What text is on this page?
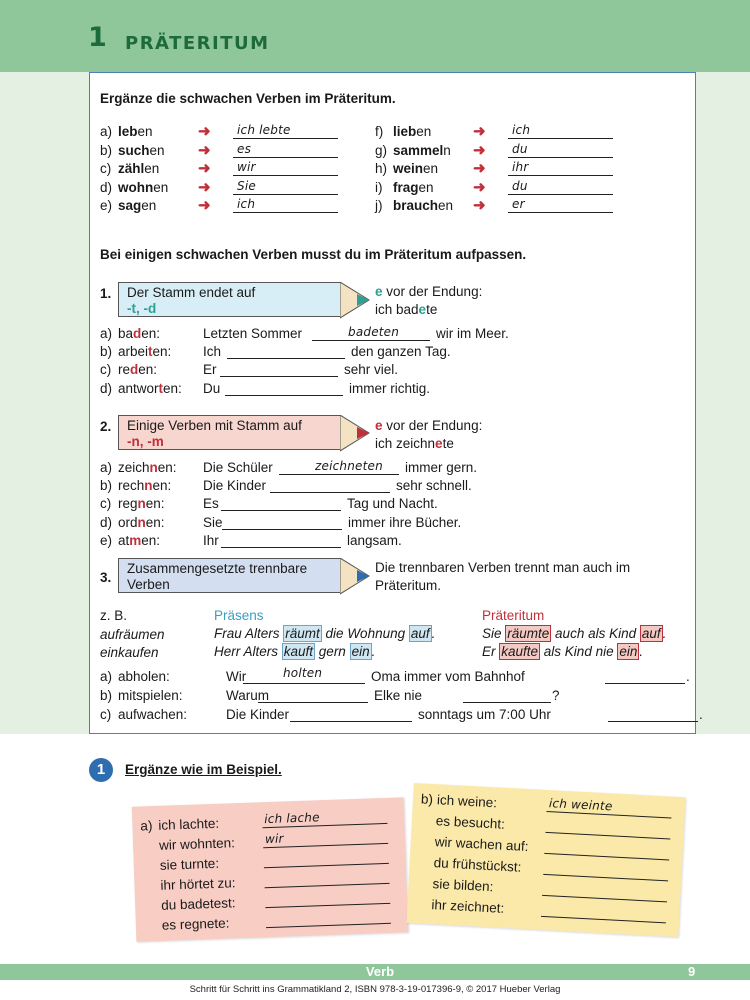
1 PRÄTERITUM
Ergänze die schwachen Verben im Präteritum.
a) leben	➜ ich lebte
b) suchen ➜ es
c) zählen	➜ wir
d) wohnen ➜ Sie
e) sagen	➜ ich
f) lieben	➜ ich
g) sammeln ➜ du
h) weinen ➜ ihr
i) fragen	➜ du
j) brauchen ➜ er
Bei einigen schwachen Verben musst du im Präteritum aufpassen.
1. Der Stamm endet auf
-t, -d
e vor der Endung:
ich badete
a) baden:	Letzten Sommer	badeten	wir im Meer.
b) arbeiten: Ich	den ganzen Tag.
c) reden:	Er	sehr viel.
d) antworten: Du	immer richtig.
2. Einige Verben mit Stamm auf
-n, -m
e vor der Endung:
ich zeichnete
a) zeichnen: Die Schüler	zeichneten immer gern.
b) rechnen: Die Kinder	sehr schnell.
c) regnen:	Es	Tag und Nacht.
d) ordnen:	Sie	immer ihre Bücher.
e) atmen:	Ihr	langsam.
3.
Zusammengesetzte trennbare
Verben
Die trennbaren Verben trennt man auch im
Präteritum.
z. B.	Präsens	Präteritum
aufräumen	Frau Alters räumt die Wohnung auf .	Sie räumte auch als Kind auf .
einkaufen	Herr Alters kauft gern ein .	Er kaufte als Kind nie ein .
a) abholen:	Wir	holten	Oma immer vom Bahnhof	.
b) mitspielen:	Warum	Elke nie	?
c) aufwachen:	Die Kinder	sonntags um 7:00 Uhr	.
1	Ergänze wie im Beispiel.
a) ich lachte:	ich lache
wir wohnten: wir
sie turnte:
ihr hörtet zu:
du badetest:
es regnete:
b) ich weine:	ich weinte
es besucht:
wir wachen auf:
du frühstückst:
sie bilden:
ihr zeichnet:
Verb	9
Schritt für Schritt ins Grammatikland 2, ISBN 978-3-19-017396-9, © 2017 Hueber Verlag
